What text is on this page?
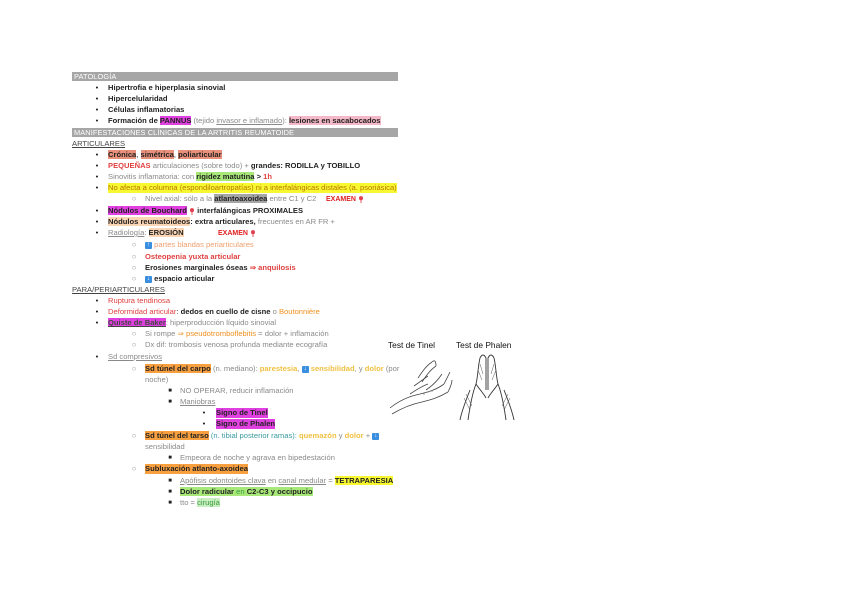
PATOLOGÍA
•	Hipertrofia e hiperplasia sinovial
•	Hipercelularidad
•	Células inflamatorias
•	Formación de PANNUS (tejido invasor e inflamado): lesiones en sacabocados
MANIFESTACIONES CLÍNICAS DE LA ARTRITIS REUMATOIDE
ARTICULARES
•	Crónica, simétrica, poliarticular
•	PEQUEÑAS articulaciones (sobre todo) + grandes: RODILLA y TOBILLO
•	Sinovitis inflamatoria: con rigidez matutina > 1h
•	No afecta a columna (espondiloartropatías) ni a interfalángicas distales (a. psoriásica)
○	Nivel axial: sólo a la atlantoaxoidea entre C1 y C2 EXAMEN
•	Nódulos de Bouchard  interfalángicas PROXIMALES
•	Nódulos reumatoideos: extra articulares, frecuentes en AR FR +
•	Radiología: EROSIÓN	EXAMEN
○	↑ partes blandas periarticulares
○	Osteopenia yuxta articular
○	Erosiones marginales óseas ⇒ anquilosis
○	↓ espacio articular
PARA/PERIARTICULARES
•	Ruptura tendinosa
•	Deformidad articular: dedos en cuello de cisne o Boutonnière
•	Quiste de Baker: hiperproducción líquido sinovial
○	Si rompe ⇒ pseudotromboflebitis = dolor + inflamación
○	Dx dif: trombosis venosa profunda mediante ecografía
•	Sd compresivos
○	Sd túnel del carpo (n. mediano): parestesia, ↓ sensibilidad, y dolor (por
noche)
■	NO OPERAR, reducir inflamación
■	Maniobras
•	Signo de Tinel
•	Signo de Phalen
○	Sd túnel del tarso (n. tibial posterior ramas): quemazón y dolor + ↓
sensibilidad
■	Empeora de noche y agrava en bipedestación
○	Subluxación atlanto-axoidea
■	Apófisis odontoides clava en canal medular = TETRAPARESIA
■	Dolor radicular en C2-C3 y occipucio
■	tto = cirugía
Test de Tinel Test de Phalen
